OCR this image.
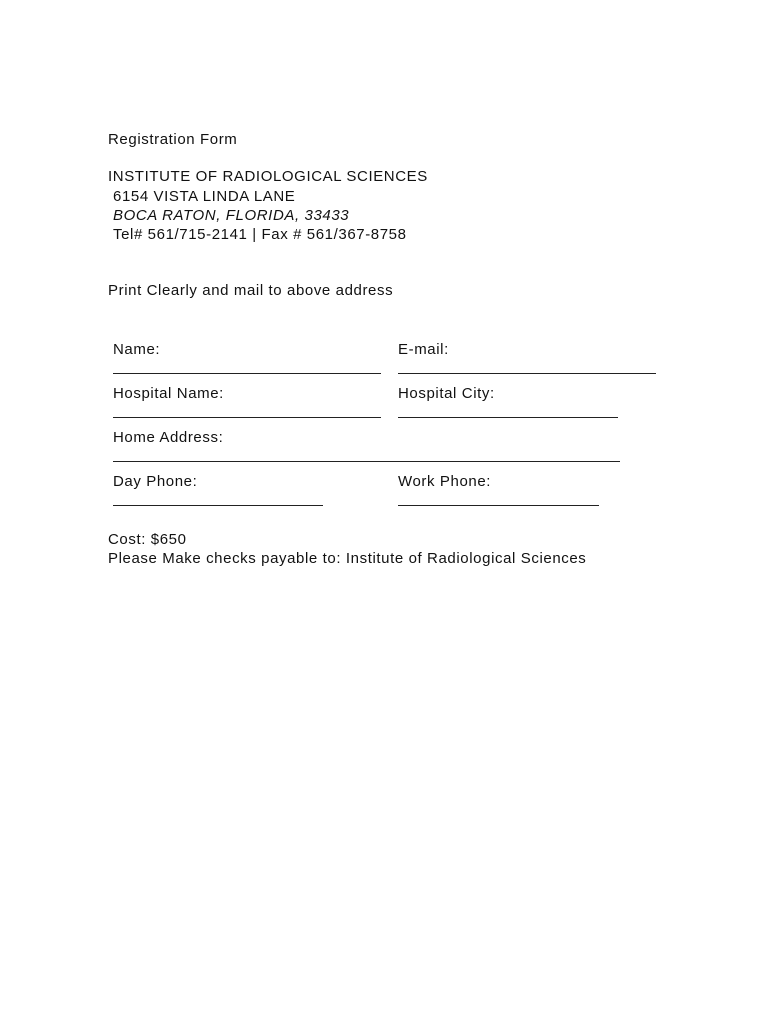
Registration Form
INSTITUTE OF RADIOLOGICAL SCIENCES
6154 VISTA LINDA LANE
BOCA RATON, FLORIDA, 33433
Tel# 561/715-2141 | Fax # 561/367-8758
Print Clearly and mail to above address
Name:	E-mail:
Hospital Name:	Hospital City:
Home Address:
Day Phone:	Work Phone:
Cost: $650
Please Make checks payable to: Institute of Radiological Sciences
